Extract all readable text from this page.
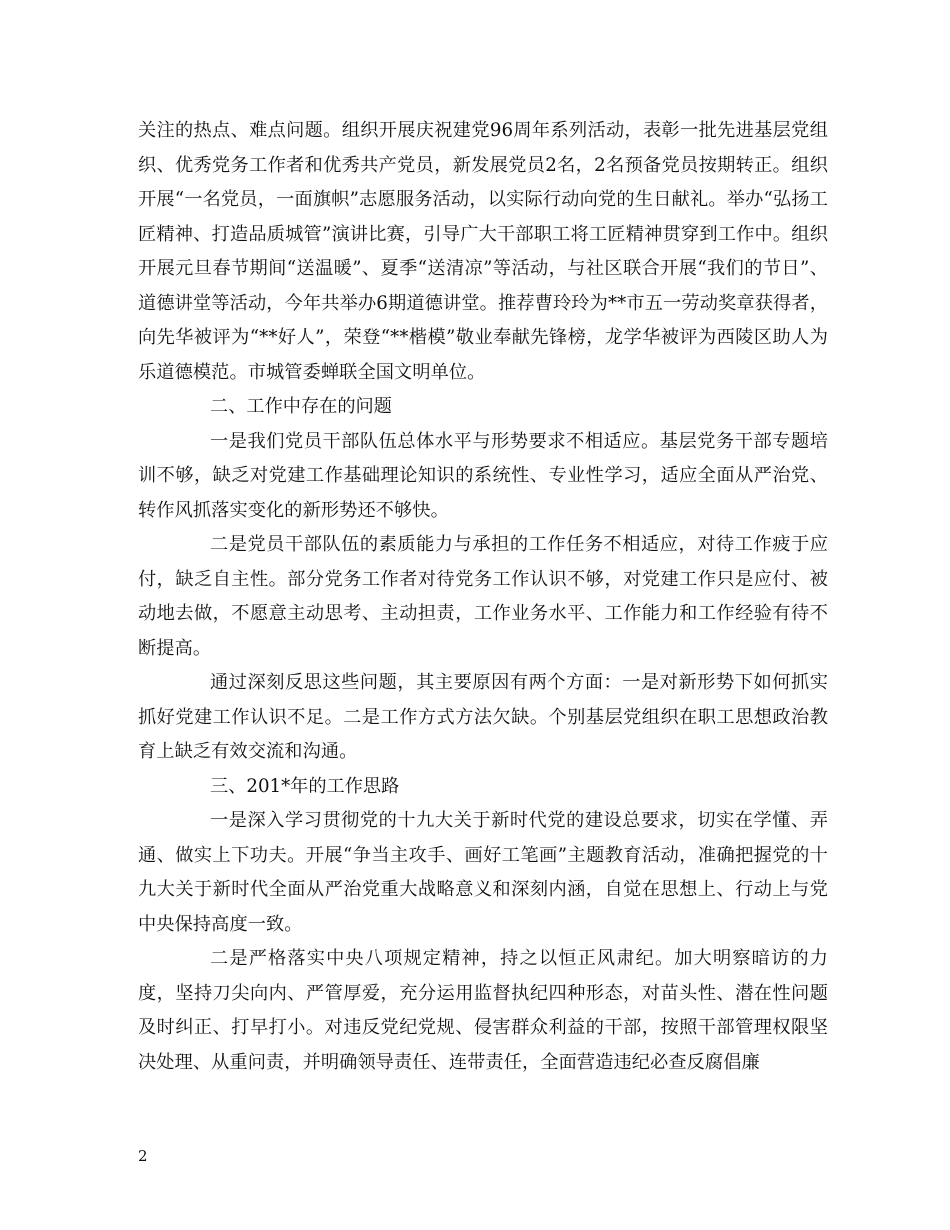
关注的热点、难点问题。组织开展庆祝建党96周年系列活动，表彰一批先进基层党组织、优秀党务工作者和优秀共产党员，新发展党员2名，2名预备党员按期转正。组织开展“一名党员，一面旗帜”志愿服务活动，以实际行动向党的生日献礼。举办“弘扬工匠精神、打造品质城管”演讲比赛，引导广大干部职工将工匠精神贯穿到工作中。组织开展元旦春节期间“送温暖”、夏季“送清凉”等活动，与社区联合开展“我们的节日”、道德讲堂等活动，今年共举办6期道德讲堂。推荐曹玲玲为**市五一劳动奖章获得者，向先华被评为“**好人”，荣登“**楷模”敬业奉献先锋榜，龙学华被评为西陵区助人为乐道德模范。市城管委蝉联全国文明单位。

二、工作中存在的问题

一是我们党员干部队伍总体水平与形势要求不相适应。基层党务干部专题培训不够，缺乏对党建工作基础理论知识的系统性、专业性学习，适应全面从严治党、转作风抓落实变化的新形势还不够快。

二是党员干部队伍的素质能力与承担的工作任务不相适应，对待工作疲于应付，缺乏自主性。部分党务工作者对待党务工作认识不够，对党建工作只是应付、被动地去做，不愿意主动思考、主动担责，工作业务水平、工作能力和工作经验有待不断提高。

通过深刻反思这些问题，其主要原因有两个方面：一是对新形势下如何抓实抓好党建工作认识不足。二是工作方式方法欠缺。个别基层党组织在职工思想政治教育上缺乏有效交流和沟通。

三、201*年的工作思路

一是深入学习贯彻党的十九大关于新时代党的建设总要求，切实在学懂、弄通、做实上下功夫。开展“争当主攻手、画好工笔画”主题教育活动，准确把握党的十九大关于新时代全面从严治党重大战略意义和深刻内涵，自觉在思想上、行动上与党中央保持高度一致。

二是严格落实中央八项规定精神，持之以恒正风肃纪。加大明察暗访的力度，坚持刀尖向内、严管厚爱，充分运用监督执纪四种形态，对苗头性、潜在性问题及时纠正、打早打小。对违反党纪党规、侵害群众利益的干部，按照干部管理权限坚决处理、从重问责，并明确领导责任、连带责任，全面营造违纪必查反腐倡廉

2
